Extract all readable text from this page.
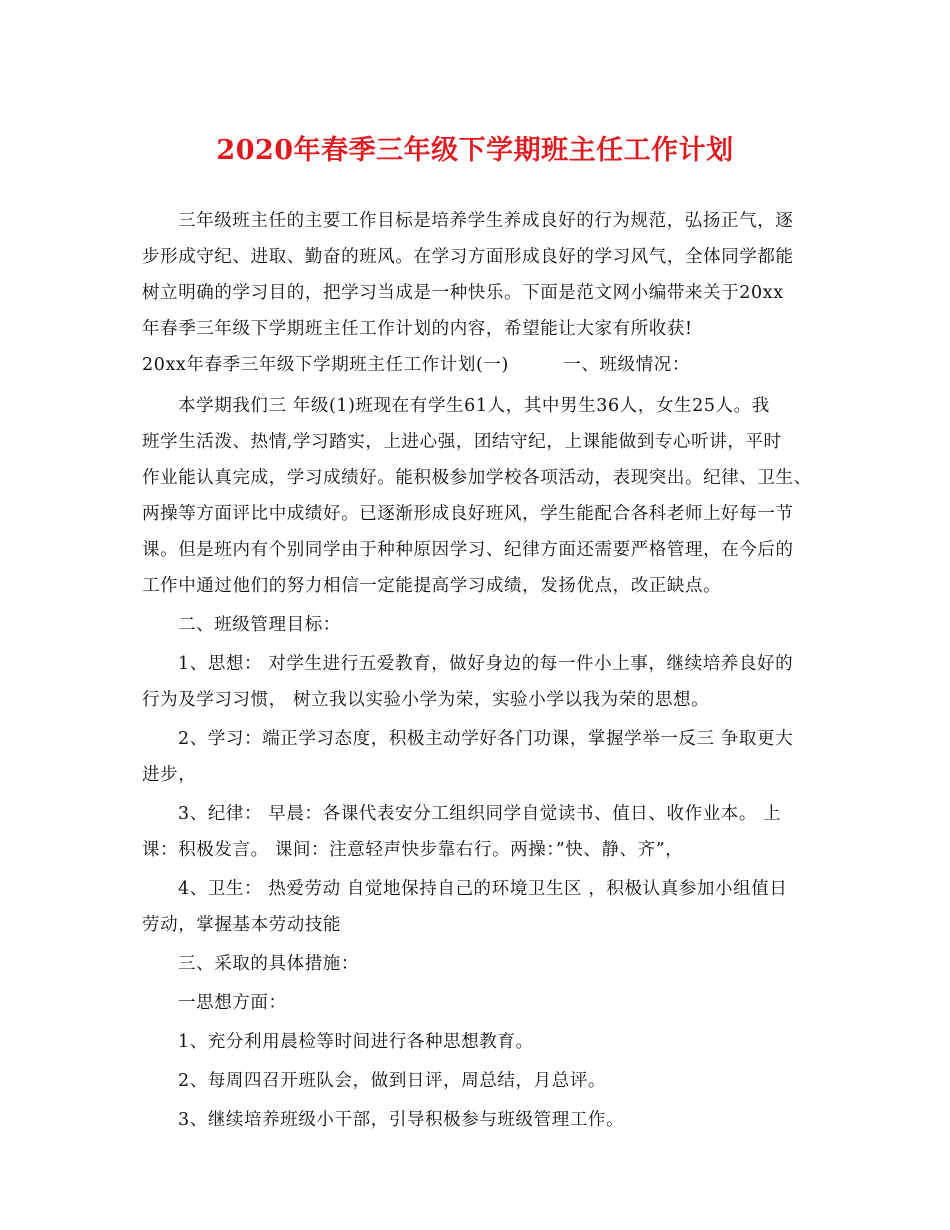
2020年春季三年级下学期班主任工作计划
三年级班主任的主要工作目标是培养学生养成良好的行为规范，弘扬正气，逐
步形成守纪、进取、勤奋的班风。在学习方面形成良好的学习风气，全体同学都能
树立明确的学习目的，把学习当成是一种快乐。下面是范文网小编带来关于20xx
年春季三年级下学期班主任工作计划的内容，希望能让大家有所收获!
20xx年春季三年级下学期班主任工作计划(一)　　　一、班级情况：
本学期我们三 年级(1)班现在有学生61人，其中男生36人，女生25人。我
班学生活泼、热情,学习踏实，上进心强，团结守纪，上课能做到专心听讲，平时
作业能认真完成，学习成绩好。能积极参加学校各项活动，表现突出。纪律、卫生、
两操等方面评比中成绩好。已逐渐形成良好班风，学生能配合各科老师上好每一节
课。但是班内有个别同学由于种种原因学习、纪律方面还需要严格管理，在今后的
工作中通过他们的努力相信一定能提高学习成绩，发扬优点，改正缺点。
二、班级管理目标：
1、思想： 对学生进行五爱教育，做好身边的每一件小上事，继续培养良好的
行为及学习习惯， 树立我以实验小学为荣，实验小学以我为荣的思想。
2、学习：端正学习态度，积极主动学好各门功课，掌握学举一反三 争取更大
进步，
3、纪律： 早晨：各课代表安分工组织同学自觉读书、值日、收作业本。 上
课：积极发言。 课间：注意轻声快步靠右行。两操：”快、静、齐”，
4、卫生： 热爱劳动 自觉地保持自己的环境卫生区 ，积极认真参加小组值日
劳动，掌握基本劳动技能
三、采取的具体措施：
一思想方面：
1、充分利用晨检等时间进行各种思想教育。
2、每周四召开班队会，做到日评，周总结，月总评。
3、继续培养班级小干部，引导积极参与班级管理工作。
